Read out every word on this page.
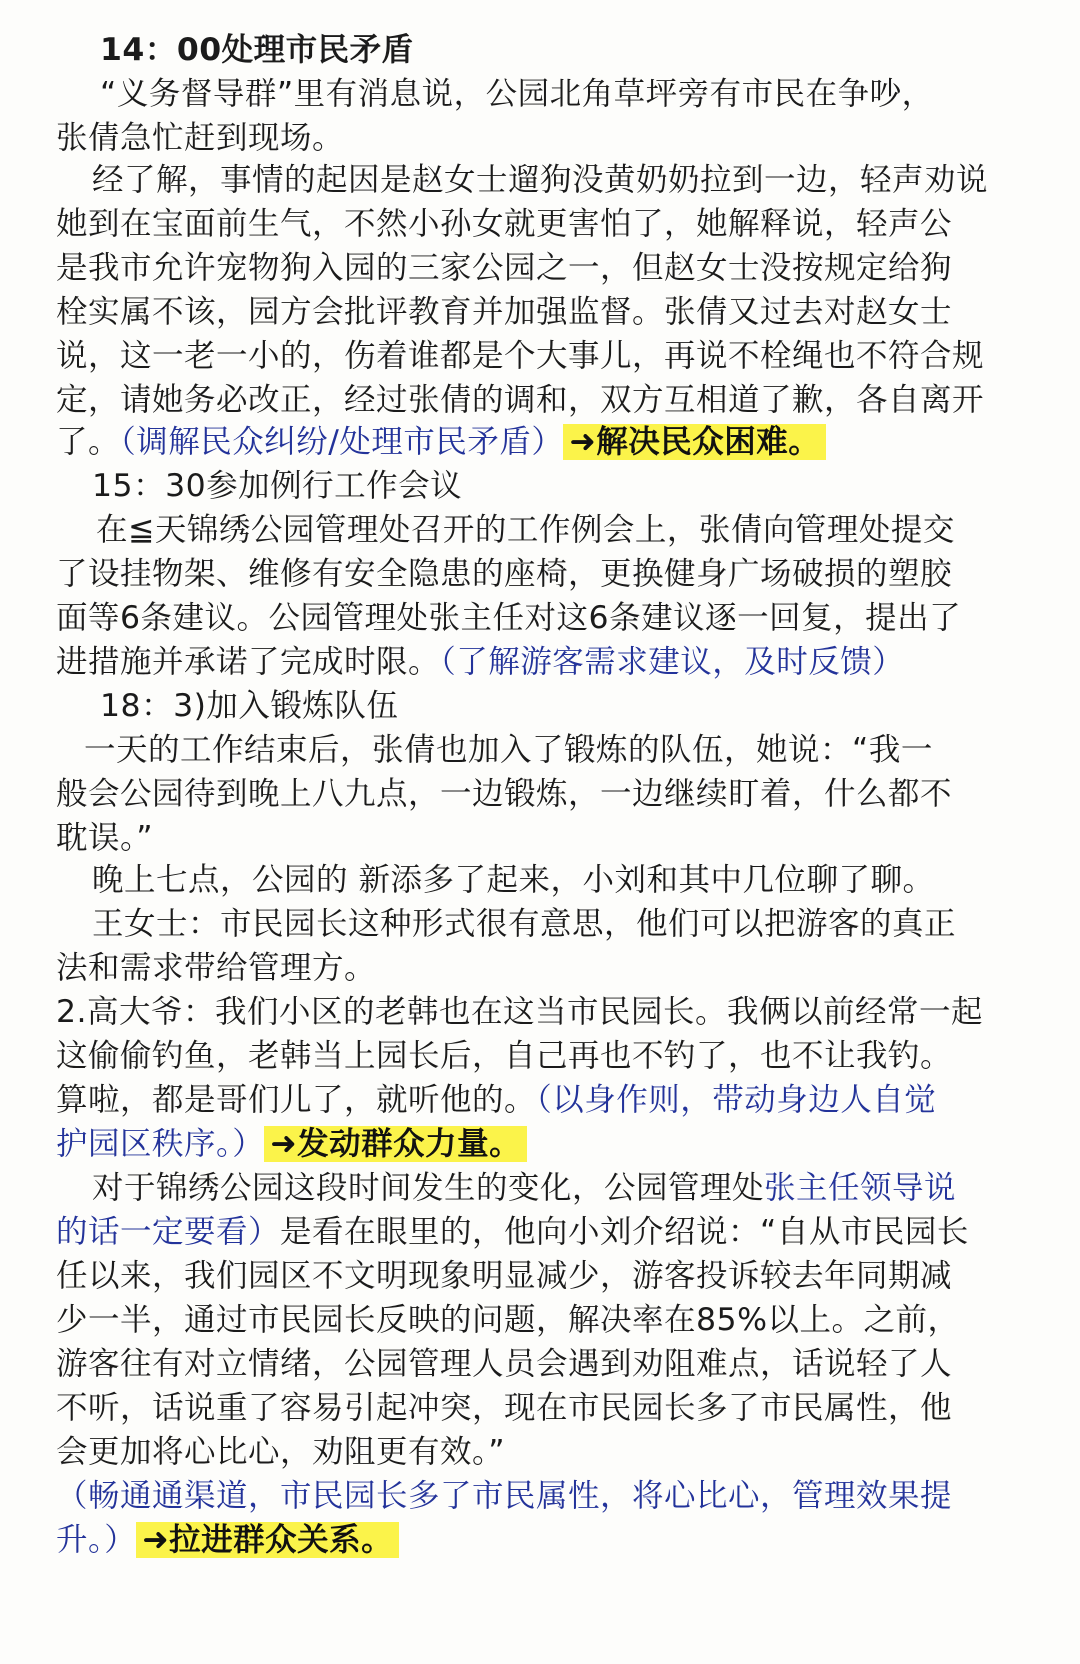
14：00处理市民矛盾
“义务督导群”里有消息说，公园北角草坪旁有市民在争吵，
张倩急忙赶到现场。
经了解，事情的起因是赵女士遛狗没黄奶奶拉到一边，轻声劝说
她到在宝面前生气，不然小孙女就更害怕了，她解释说，轻声公
是我市允许宠物狗入园的三家公园之一，但赵女士没按规定给狗
栓实属不该，园方会批评教育并加强监督。张倩又过去对赵女士
说，这一老一小的，伤着谁都是个大事儿，再说不栓绳也不符合规
定，请她务必改正，经过张倩的调和，双方互相道了歉，各自离开
了。（调解民众纠纷/处理市民矛盾） ➜解决民众困难。
15：30参加例行工作会议
在≦天锦绣公园管理处召开的工作例会上，张倩向管理处提交
了设挂物架、维修有安全隐患的座椅，更换健身广场破损的塑胶
面等6条建议。公园管理处张主任对这6条建议逐一回复，提出了
进措施并承诺了完成时限。（了解游客需求建议，及时反馈）
18：3)加入锻炼队伍
一天的工作结束后，张倩也加入了锻炼的队伍，她说：“我一
般会公园待到晚上八九点，一边锻炼，一边继续盯着，什么都不
耽误。”
晚上七点，公园的 新添多了起来，小刘和其中几位聊了聊。
王女士：市民园长这种形式很有意思，他们可以把游客的真正
法和需求带给管理方。
2.高大爷：我们小区的老韩也在这当市民园长。我俩以前经常一起
这偷偷钓鱼，老韩当上园长后，自己再也不钓了，也不让我钓。
算啦，都是哥们儿了，就听他的。（以身作则，带动身边人自觉
护园区秩序。） ➜发动群众力量。
对于锦绣公园这段时间发生的变化，公园管理处张主任领导说
的话一定要看）是看在眼里的，他向小刘介绍说：“自从市民园长
任以来，我们园区不文明现象明显减少，游客投诉较去年同期减
少一半，通过市民园长反映的问题，解决率在85%以上。之前，
游客往有对立情绪，公园管理人员会遇到劝阻难点，话说轻了人
不听，话说重了容易引起冲突，现在市民园长多了市民属性，他
会更加将心比心，劝阻更有效。”
（畅通通渠道，市民园长多了市民属性，将心比心，管理效果提
升。） ➜拉进群众关系。
